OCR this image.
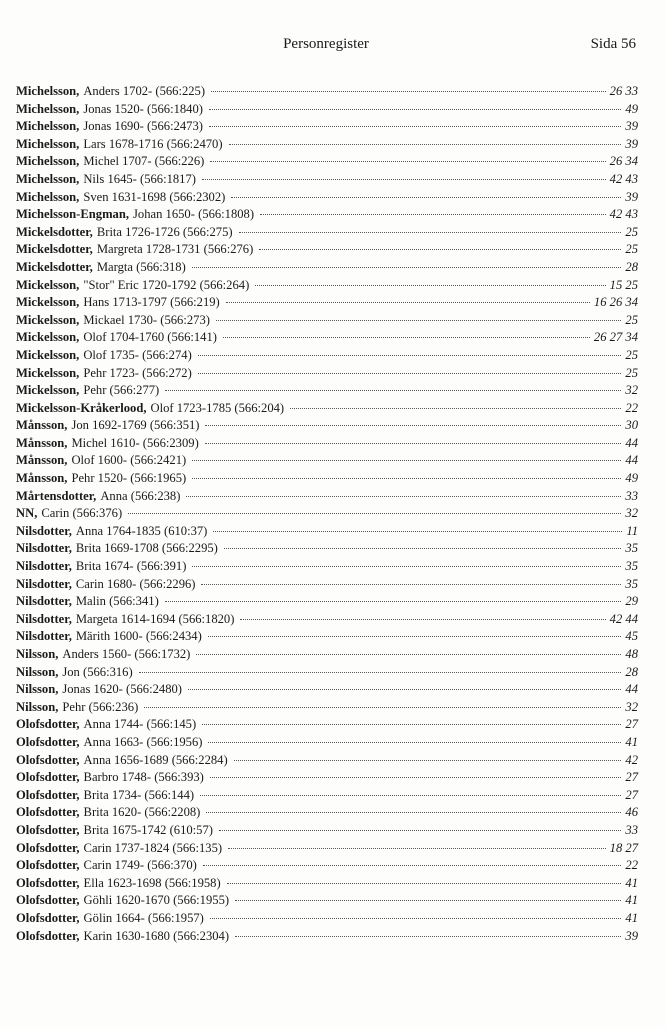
Personregister	Sida 56
Michelsson, Anders 1702- (566:225)	26 33
Michelsson, Jonas 1520- (566:1840)	49
Michelsson, Jonas 1690- (566:2473)	39
Michelsson, Lars 1678-1716 (566:2470)	39
Michelsson, Michel 1707- (566:226)	26 34
Michelsson, Nils 1645- (566:1817)	42 43
Michelsson, Sven 1631-1698 (566:2302)	39
Michelsson-Engman, Johan 1650- (566:1808)	42 43
Mickelsdotter, Brita 1726-1726 (566:275)	25
Mickelsdotter, Margreta 1728-1731 (566:276)	25
Mickelsdotter, Margta (566:318)	28
Mickelsson, "Stor" Eric 1720-1792 (566:264)	15 25
Mickelsson, Hans 1713-1797 (566:219)	16 26 34
Mickelsson, Mickael 1730- (566:273)	25
Mickelsson, Olof 1704-1760 (566:141)	26 27 34
Mickelsson, Olof 1735- (566:274)	25
Mickelsson, Pehr 1723- (566:272)	25
Mickelsson, Pehr (566:277)	32
Mickelsson-Kråkerlood, Olof 1723-1785 (566:204)	22
Månsson, Jon 1692-1769 (566:351)	30
Månsson, Michel 1610- (566:2309)	44
Månsson, Olof 1600- (566:2421)	44
Månsson, Pehr 1520- (566:1965)	49
Mårtensdotter, Anna (566:238)	33
NN, Carin (566:376)	32
Nilsdotter, Anna 1764-1835 (610:37)	11
Nilsdotter, Brita 1669-1708 (566:2295)	35
Nilsdotter, Brita 1674- (566:391)	35
Nilsdotter, Carin 1680- (566:2296)	35
Nilsdotter, Malin (566:341)	29
Nilsdotter, Margeta 1614-1694 (566:1820)	42 44
Nilsdotter, Märith 1600- (566:2434)	45
Nilsson, Anders 1560- (566:1732)	48
Nilsson, Jon (566:316)	28
Nilsson, Jonas 1620- (566:2480)	44
Nilsson, Pehr (566:236)	32
Olofsdotter, Anna 1744- (566:145)	27
Olofsdotter, Anna 1663- (566:1956)	41
Olofsdotter, Anna 1656-1689 (566:2284)	42
Olofsdotter, Barbro 1748- (566:393)	27
Olofsdotter, Brita 1734- (566:144)	27
Olofsdotter, Brita 1620- (566:2208)	46
Olofsdotter, Brita 1675-1742 (610:57)	33
Olofsdotter, Carin 1737-1824 (566:135)	18 27
Olofsdotter, Carin 1749- (566:370)	22
Olofsdotter, Ella 1623-1698 (566:1958)	41
Olofsdotter, Göhli 1620-1670 (566:1955)	41
Olofsdotter, Gölin 1664- (566:1957)	41
Olofsdotter, Karin 1630-1680 (566:2304)	39
